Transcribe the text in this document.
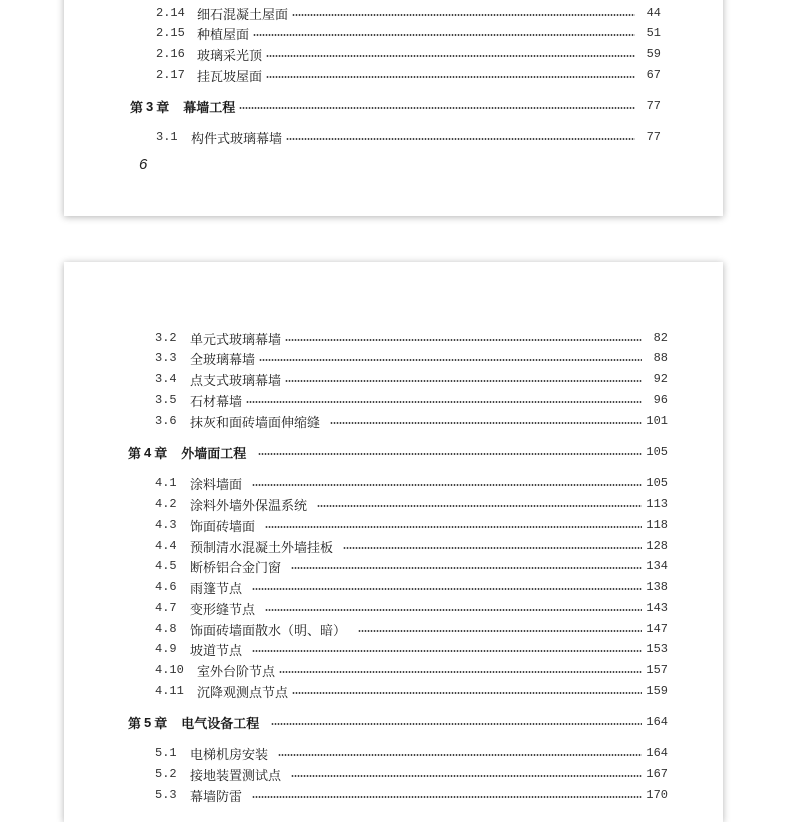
2.14 细石混凝土屋面	44
2.15 种植屋面	51
2.16 玻璃采光顶	59
2.17 挂瓦坡屋面	67
第 3 章 幕墙工程	77
3.1	构件式玻璃幕墙	77
6
3.2	单元式玻璃幕墙	82
3.3	全玻璃幕墙	88
3.4	点支式玻璃幕墙	92
3.5	石材幕墙	96
3.6	抹灰和面砖墙面伸缩缝	101
第 4 章 外墙面工程	105
4.1	涂料墙面	105
4.2	涂料外墙外保温系统	113
4.3	饰面砖墙面	118
4.4	预制清水混凝土外墙挂板	128
4.5	断桥铝合金门窗	134
4.6	雨篷节点	138
4.7	变形缝节点	143
4.8	饰面砖墙面散水（明、暗）	147
4.9	坡道节点	153
4.10	室外台阶节点	157
4.11	沉降观测点节点	159
第 5 章 电气设备工程	164
5.1	电梯机房安装	164
5.2	接地装置测试点	167
5.3	幕墙防雷	170
